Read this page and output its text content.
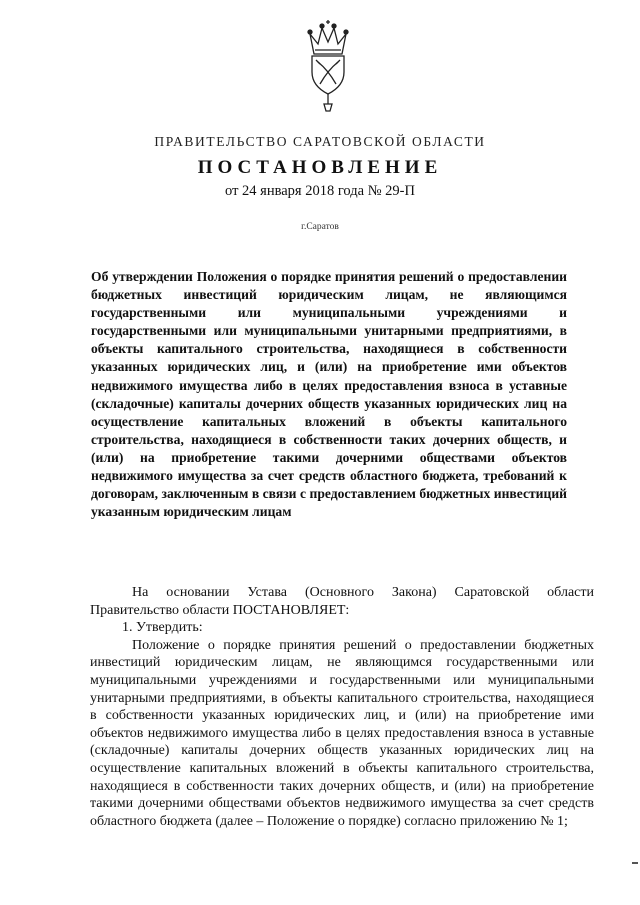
ПРАВИТЕЛЬСТВО САРАТОВСКОЙ ОБЛАСТИ
ПОСТАНОВЛЕНИЕ
от 24 января 2018 года № 29-П
г.Саратов
Об утверждении Положения о порядке принятия решений о предоставлении бюджетных инвестиций юридическим лицам, не являющимся государственными или муниципальными учреждениями и государственными или муниципальными унитарными предприятиями, в объекты капитального строительства, находящиеся в собственности указанных юридических лиц, и (или) на приобретение ими объектов недвижимого имущества либо в целях предоставления взноса в уставные (складочные) капиталы дочерних обществ указанных юридических лиц на осуществление капитальных вложений в объекты капитального строительства, находящиеся в собственности таких дочерних обществ, и (или) на приобретение такими дочерними обществами объектов недвижимого имущества за счет средств областного бюджета, требований к договорам, заключенным в связи с предоставлением бюджетных инвестиций указанным юридическим лицам

На основании Устава (Основного Закона) Саратовской области Правительство области ПОСТАНОВЛЯЕТ:

1. Утвердить:

Положение о порядке принятия решений о предоставлении бюджетных инвестиций юридическим лицам, не являющимся государственными или муниципальными учреждениями и государственными или муниципальными унитарными предприятиями, в объекты капитального строительства, находящиеся в собственности указанных юридических лиц, и (или) на приобретение ими объектов недвижимого имущества либо в целях предоставления взноса в уставные (складочные) капиталы дочерних обществ указанных юридических лиц на осуществление капитальных вложений в объекты капитального строительства, находящиеся в собственности таких дочерних обществ, и (или) на приобретение такими дочерними обществами объектов недвижимого имущества за счет средств областного бюджета (далее – Положение о порядке) согласно приложению № 1;
